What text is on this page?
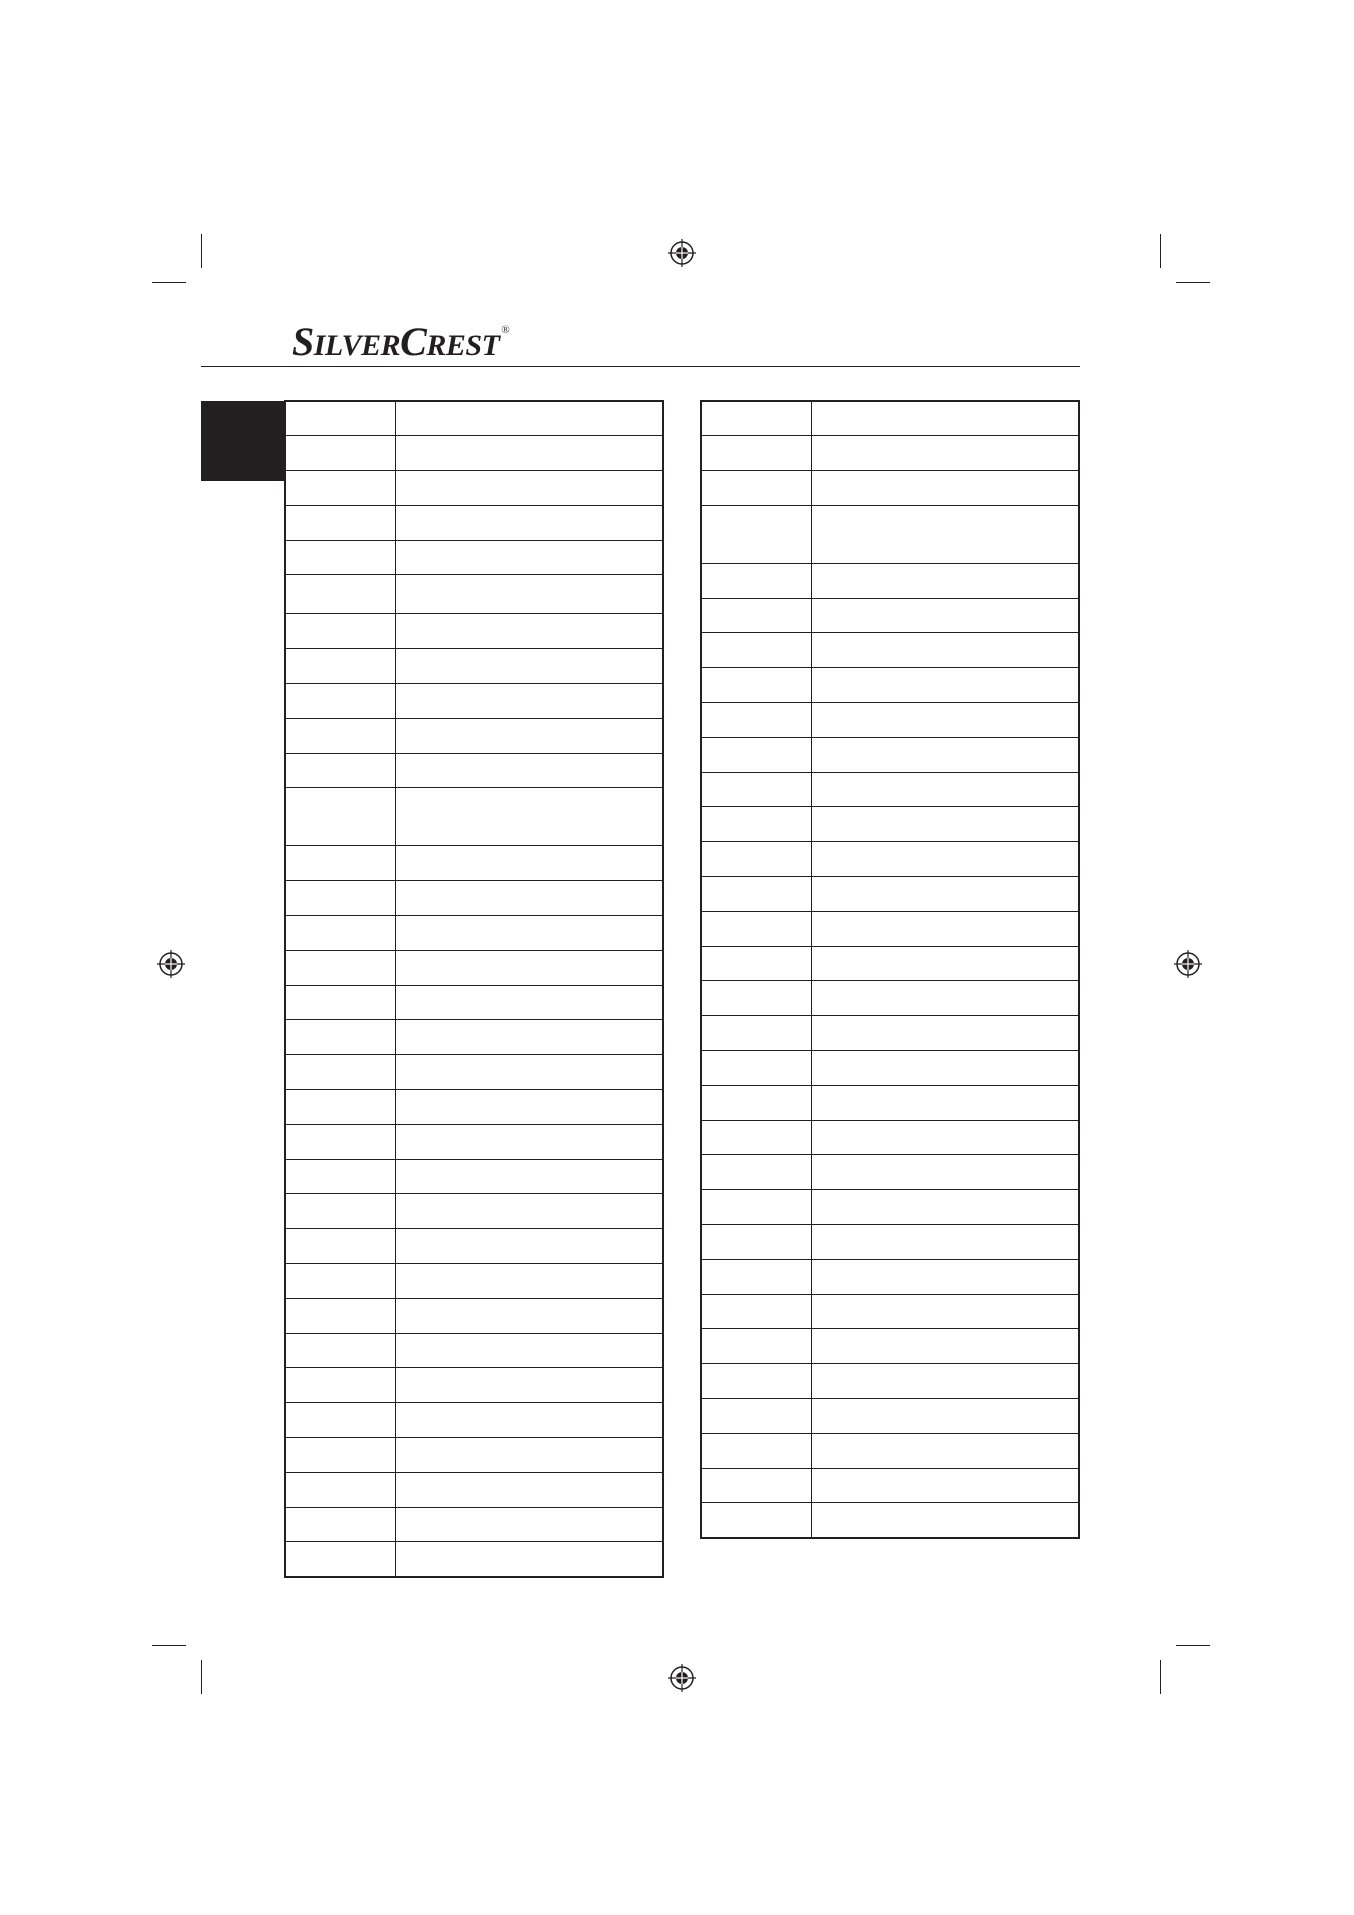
SILVERCREST ®
